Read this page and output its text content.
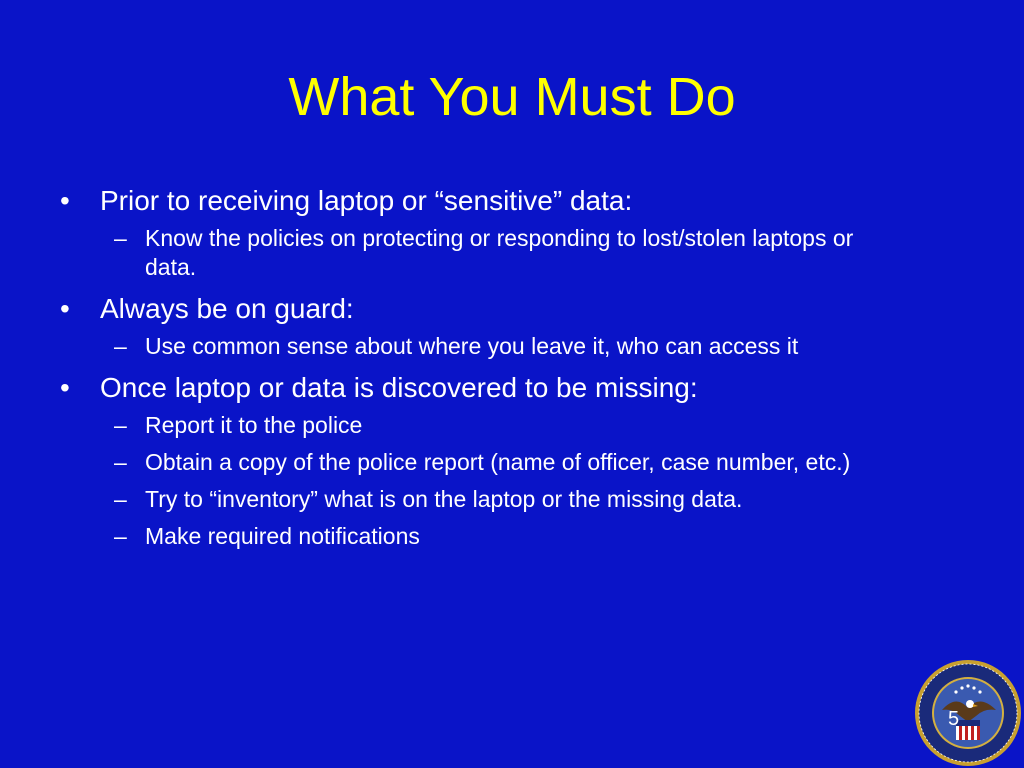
What You Must Do
• Prior to receiving laptop or “sensitive” data:
– Know the policies on protecting or responding to lost/stolen laptops or data.
• Always be on guard:
– Use common sense about where you leave it, who can access it
• Once laptop or data is discovered to be missing:
– Report it to the police
– Obtain a copy of the police report (name of officer, case number, etc.)
– Try to “inventory” what is on the laptop or the missing data.
– Make required notifications
5
